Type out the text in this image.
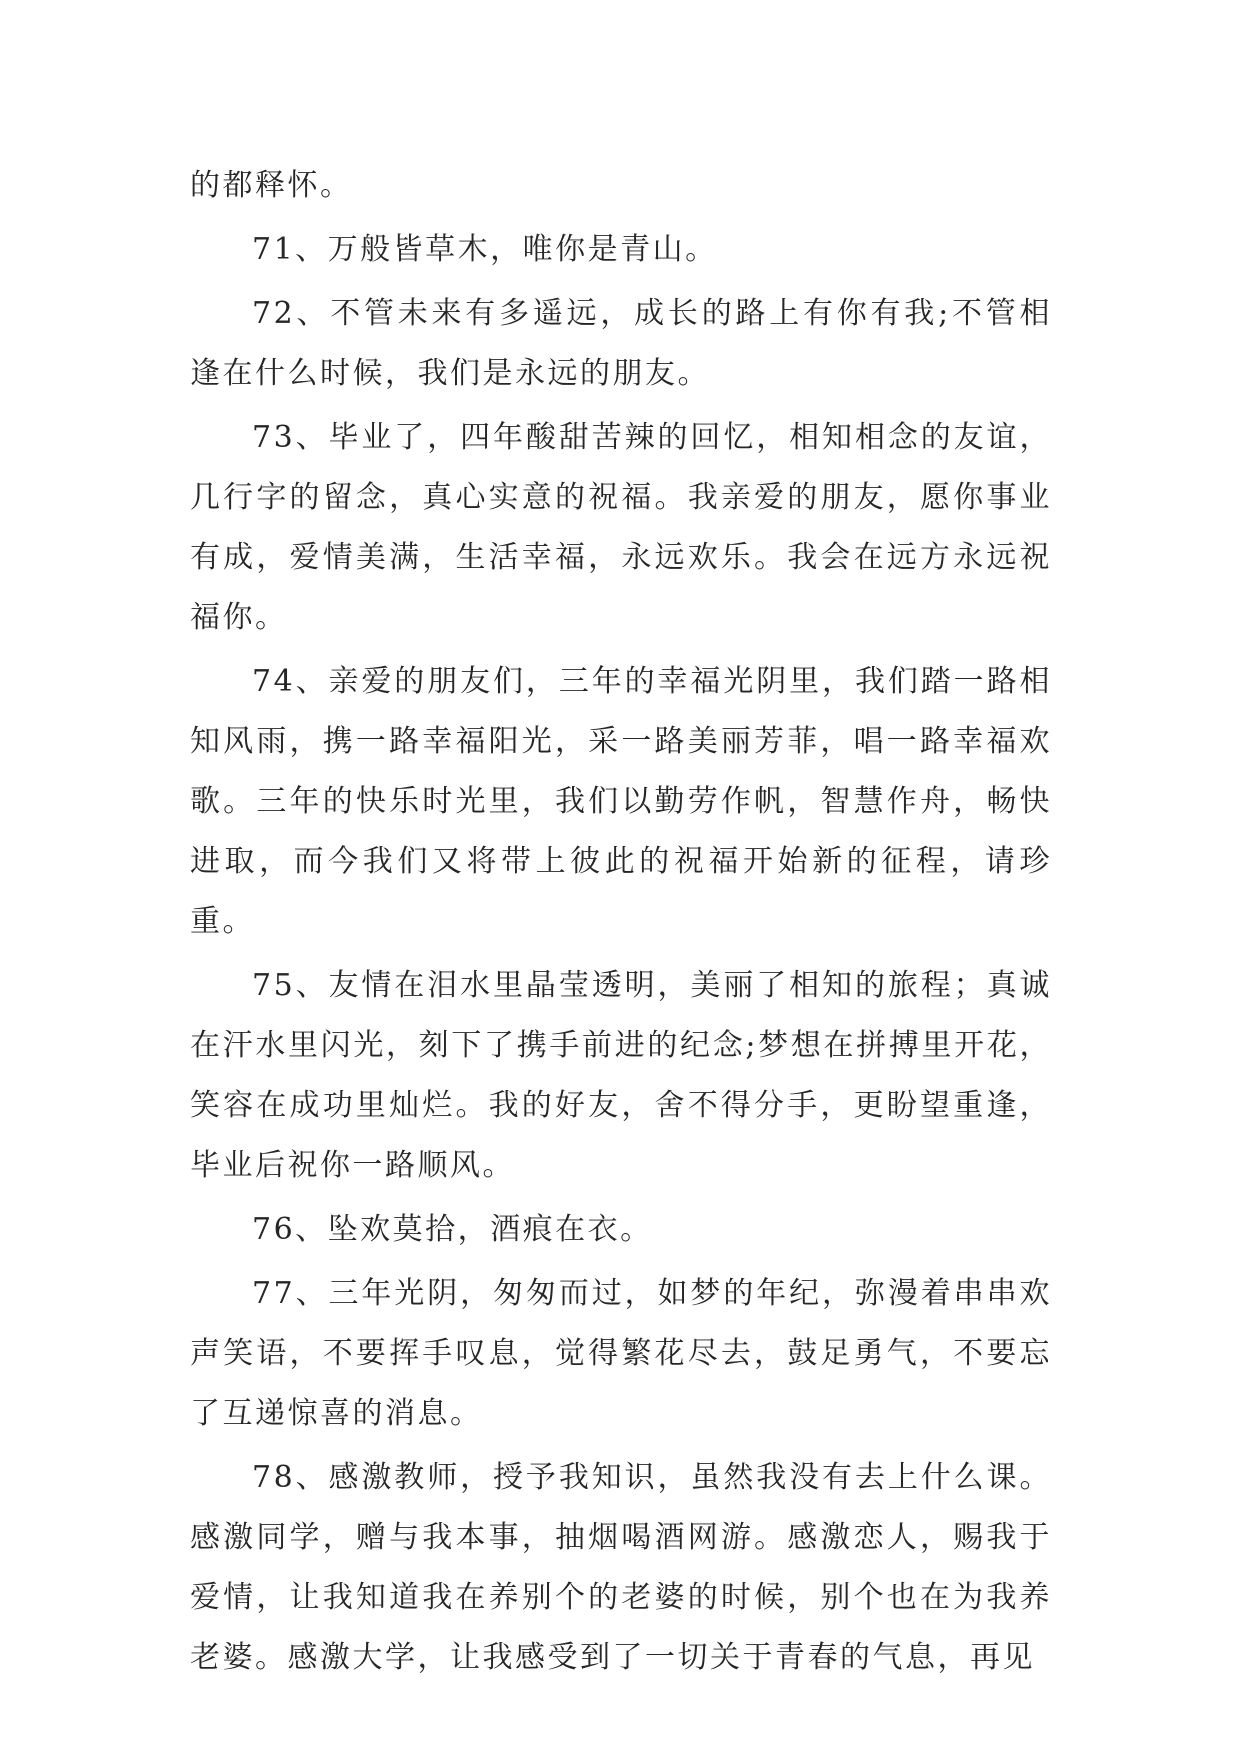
的都释怀。

71、万般皆草木，唯你是青山。

72、不管未来有多遥远，成长的路上有你有我;不管相逢在什么时候，我们是永远的朋友。

73、毕业了，四年酸甜苦辣的回忆，相知相念的友谊，几行字的留念，真心实意的祝福。我亲爱的朋友，愿你事业有成，爱情美满，生活幸福，永远欢乐。我会在远方永远祝福你。

74、亲爱的朋友们，三年的幸福光阴里，我们踏一路相知风雨，携一路幸福阳光，采一路美丽芳菲，唱一路幸福欢歌。三年的快乐时光里，我们以勤劳作帆，智慧作舟，畅快进取，而今我们又将带上彼此的祝福开始新的征程，请珍重。

75、友情在泪水里晶莹透明，美丽了相知的旅程；真诚在汗水里闪光，刻下了携手前进的纪念;梦想在拼搏里开花，笑容在成功里灿烂。我的好友，舍不得分手，更盼望重逢，毕业后祝你一路顺风。

76、坠欢莫拾，酒痕在衣。

77、三年光阴，匆匆而过，如梦的年纪，弥漫着串串欢声笑语，不要挥手叹息，觉得繁花尽去，鼓足勇气，不要忘了互递惊喜的消息。

78、感激教师，授予我知识，虽然我没有去上什么课。感激同学，赠与我本事，抽烟喝酒网游。感激恋人，赐我于爱情，让我知道我在养别个的老婆的时候，别个也在为我养老婆。感激大学，让我感受到了一切关于青春的气息，再见
